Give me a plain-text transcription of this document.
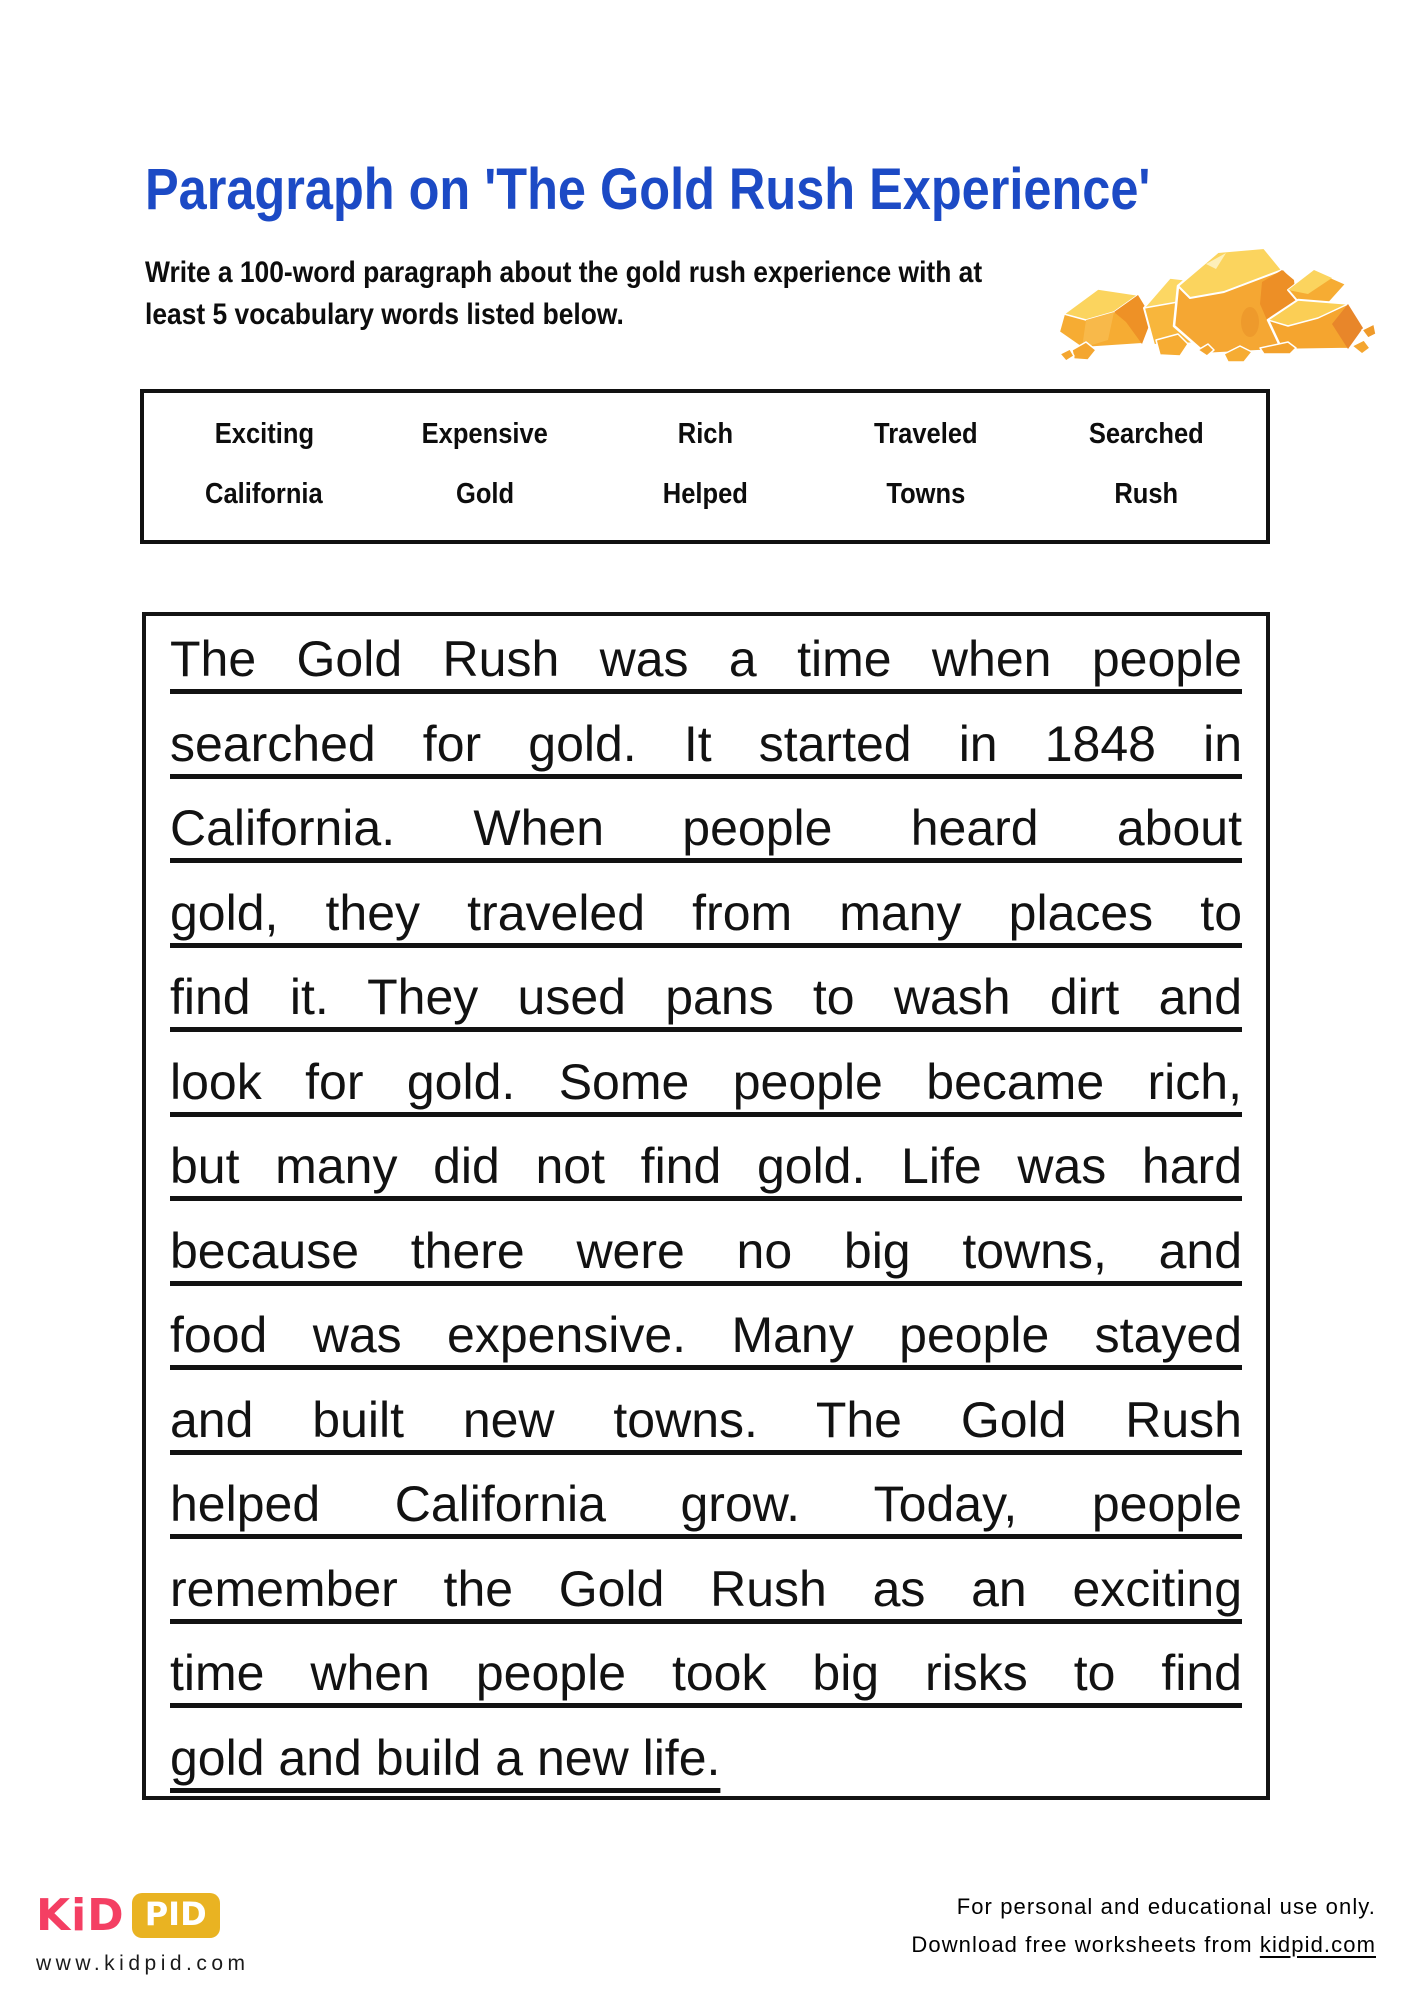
Paragraph on 'The Gold Rush Experience'
Write a 100-word paragraph about the gold rush experience with at
least 5 vocabulary words listed below.
Exciting	Expensive	Rich	Traveled	Searched
California	Gold	Helped	Towns	Rush
The Gold Rush was a time when people
searched for gold. It started in 1848 in
California. When people heard about
gold, they traveled from many places to
find it. They used pans to wash dirt and
look for gold. Some people became rich,
but many did not find gold. Life was hard
because there were no big towns, and
food was expensive. Many people stayed
and built new towns. The Gold Rush
helped California grow. Today, people
remember the Gold Rush as an exciting
time when people took big risks to find
gold and build a new life.
KiD PID
www.kidpid.com
For personal and educational use only.
Download free worksheets from kidpid.com
